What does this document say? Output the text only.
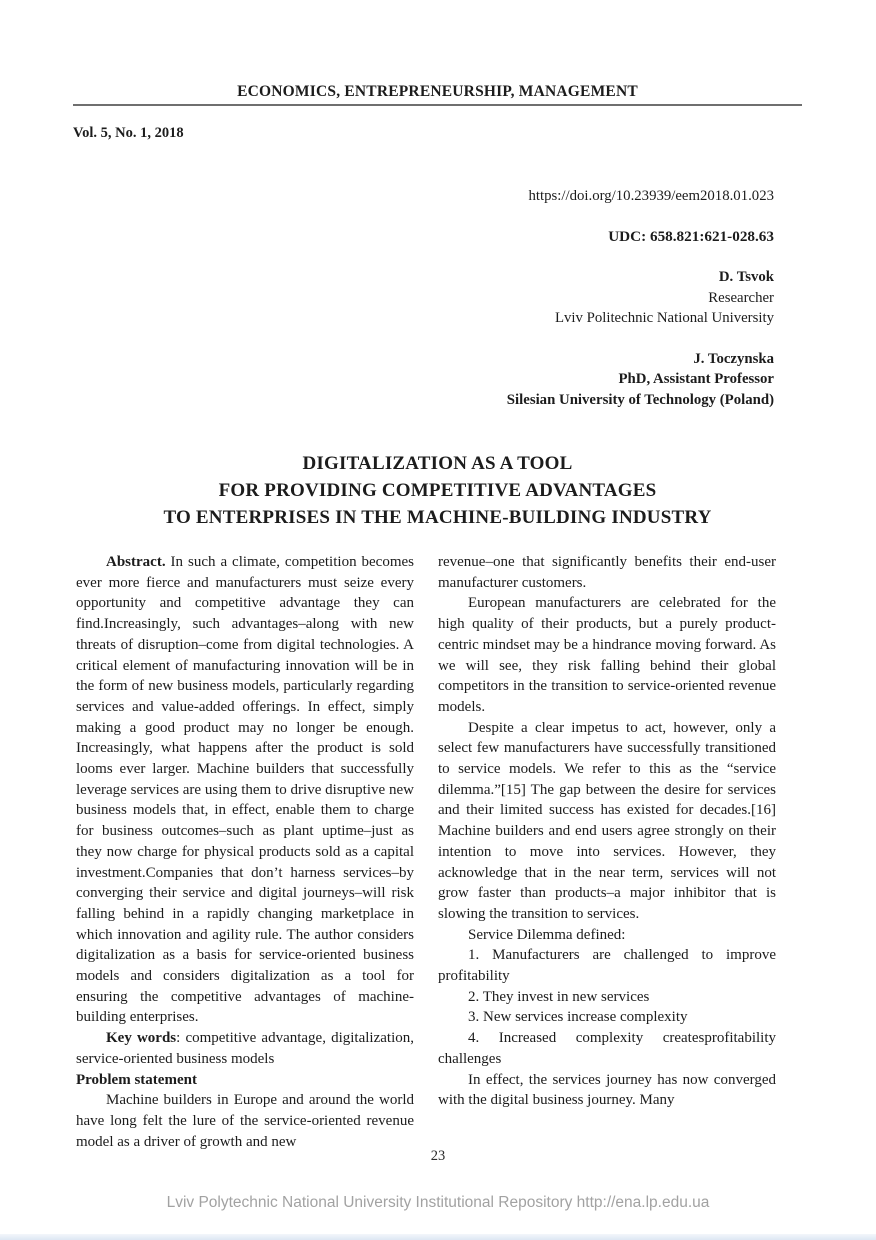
ECONOMICS, ENTREPRENEURSHIP, MANAGEMENT
Vol. 5, No. 1, 2018
https://doi.org/10.23939/eem2018.01.023
UDC: 658.821:621-028.63
D. Tsvok
Researcher
Lviv Politechnic National University
J. Toczynska
PhD, Assistant Professor
Silesian University of Technology (Poland)
DIGITALIZATION AS A TOOL
FOR PROVIDING COMPETITIVE ADVANTAGES
TO ENTERPRISES IN THE MACHINE-BUILDING INDUSTRY

Abstract. In such a climate, competition becomes ever more fierce and manufacturers must seize every opportunity and competitive advantage they can find.Increasingly, such advantages–along with new threats of disruption–come from digital technologies. A critical element of manufacturing innovation will be in the form of new business models, particularly regarding services and value-added offerings. In effect, simply making a good product may no longer be enough. Increasingly, what happens after the product is sold looms ever larger. Machine builders that successfully leverage services are using them to drive disruptive new business models that, in effect, enable them to charge for business outcomes–such as plant uptime–just as they now charge for physical products sold as a capital investment.Companies that don’t harness services–by converging their service and digital journeys–will risk falling behind in a rapidly changing marketplace in which innovation and agility rule. The author considers digitalization as a basis for service-oriented business models and considers digitalization as a tool for ensuring the competitive advantages of machine-building enterprises.

Key words: competitive advantage, digitalization, service-oriented business models

Problem statement

Machine builders in Europe and around the world have long felt the lure of the service-oriented revenue model as a driver of growth and new

revenue–one that significantly benefits their end-user manufacturer customers.

European manufacturers are celebrated for the high quality of their products, but a purely product-centric mindset may be a hindrance moving forward. As we will see, they risk falling behind their global competitors in the transition to service-oriented revenue models.

Despite a clear impetus to act, however, only a select few manufacturers have successfully transitioned to service models. We refer to this as the “service dilemma.”[15] The gap between the desire for services and their limited success has existed for decades.[16] Machine builders and end users agree strongly on their intention to move into services. However, they acknowledge that in the near term, services will not grow faster than products–a major inhibitor that is slowing the transition to services.

Service Dilemma defined:

1. Manufacturers are challenged to improve profitability

2. They invest in new services

3. New services increase complexity

4. Increased complexity createsprofitability challenges

In effect, the services journey has now converged with the digital business journey. Many

23
Lviv Polytechnic National University Institutional Repository http://ena.lp.edu.ua
